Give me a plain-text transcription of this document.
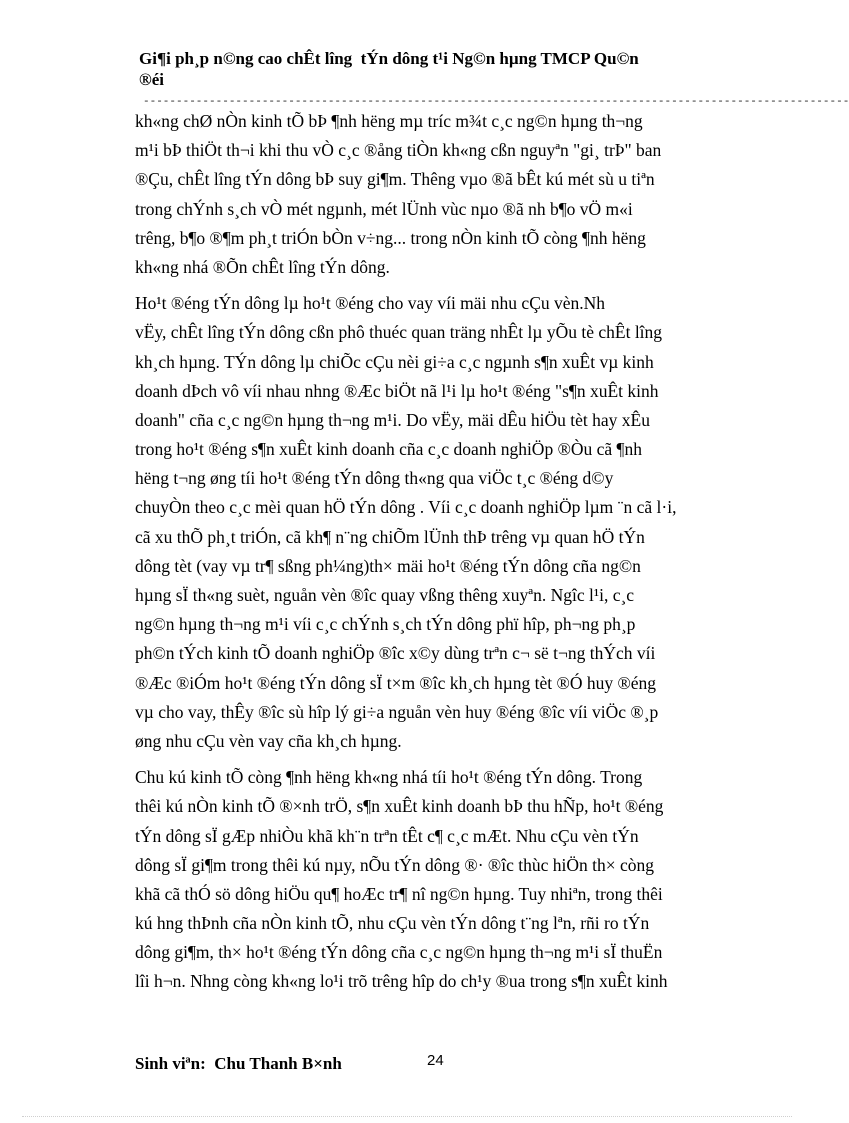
Gi¶i ph¸p n©ng cao chÊt lîng  tÝn dông t¹i Ng©n hµng TMCP Qu©n
®éi
-----------------------------------------------------------------------------------------------------------
kh«ng chØ nÒn kinh tÕ bÞ ¶nh hëng mµ tríc m¾t c¸c ng©n hµng th¬ng
m¹i bÞ thiÖt th¬i khi thu vÒ c¸c ®ång tiÒn kh«ng cßn nguyªn "gi¸ trÞ" ban
®Çu, chÊt lîng tÝn dông bÞ suy gi¶m. Thêng vµo ®ã bÊt kú mét sù u tiªn
trong chÝnh s¸ch vÒ mét ngµnh, mét lÜnh vùc nµo ®ã nh b¶o vÖ m«i
trêng, b¶o ®¶m ph¸t triÓn bÒn v÷ng... trong nÒn kinh tÕ còng ¶nh hëng
kh«ng nhá ®Õn chÊt lîng tÝn dông.
Ho¹t ®éng tÝn dông lµ ho¹t ®éng cho vay víi mäi nhu cÇu vèn.Nh
vËy, chÊt lîng tÝn dông cßn phô thuéc quan träng nhÊt lµ yÕu tè chÊt lîng
kh¸ch hµng. TÝn dông lµ chiÕc cÇu nèi gi÷a c¸c ngµnh s¶n xuÊt vµ kinh
doanh dÞch vô víi nhau nhng ®Æc biÖt nã l¹i lµ ho¹t ®éng "s¶n xuÊt kinh
doanh" cña c¸c ng©n hµng th¬ng m¹i. Do vËy, mäi dÊu hiÖu tèt hay xÊu
trong ho¹t ®éng s¶n xuÊt kinh doanh cña c¸c doanh nghiÖp ®Òu cã ¶nh
hëng t¬ng øng tíi ho¹t ®éng tÝn dông th«ng qua viÖc t¸c ®éng d©y
chuyÒn theo c¸c mèi quan hÖ tÝn dông . Víi c¸c doanh nghiÖp lµm ¨n cã l·i,
cã xu thÕ ph¸t triÓn, cã kh¶ n¨ng chiÕm lÜnh thÞ trêng vµ quan hÖ tÝn
dông tèt (vay vµ tr¶ sßng ph¼ng)th× mäi ho¹t ®éng tÝn dông cña ng©n
hµng sÏ th«ng suèt, nguån vèn ®îc quay vßng thêng xuyªn. Ngîc l¹i, c¸c
ng©n hµng th¬ng m¹i víi c¸c chÝnh s¸ch tÝn dông phï hîp, ph¬ng ph¸p
ph©n tÝch kinh tÕ doanh nghiÖp ®îc x©y dùng trªn c¬ së t¬ng thÝch víi
®Æc ®iÓm ho¹t ®éng tÝn dông sÏ t×m ®îc kh¸ch hµng tèt ®Ó huy ®éng
vµ cho vay, thÊy ®îc sù hîp lý gi÷a nguån vèn huy ®éng ®îc víi viÖc ®¸p
øng nhu cÇu vèn vay cña kh¸ch hµng.
Chu kú kinh tÕ còng ¶nh hëng kh«ng nhá tíi ho¹t ®éng tÝn dông. Trong
thêi kú nÒn kinh tÕ ®×nh trÖ, s¶n xuÊt kinh doanh bÞ thu hÑp, ho¹t ®éng
tÝn dông sÏ gÆp nhiÒu khã kh¨n trªn tÊt c¶ c¸c mÆt. Nhu cÇu vèn tÝn
dông sÏ gi¶m trong thêi kú nµy, nÕu tÝn dông ®· ®îc thùc hiÖn th× còng
khã cã thÓ sö dông hiÖu qu¶ hoÆc tr¶ nî ng©n hµng. Tuy nhiªn, trong thêi
kú hng thÞnh cña nÒn kinh tÕ, nhu cÇu vèn tÝn dông t¨ng lªn, rñi ro tÝn
dông gi¶m, th× ho¹t ®éng tÝn dông cña c¸c ng©n hµng th¬ng m¹i sÏ thuËn
lîi h¬n. Nhng còng kh«ng lo¹i trõ trêng hîp do ch¹y ®ua trong s¶n xuÊt kinh
Sinh viªn:  Chu Thanh B×nh	24
